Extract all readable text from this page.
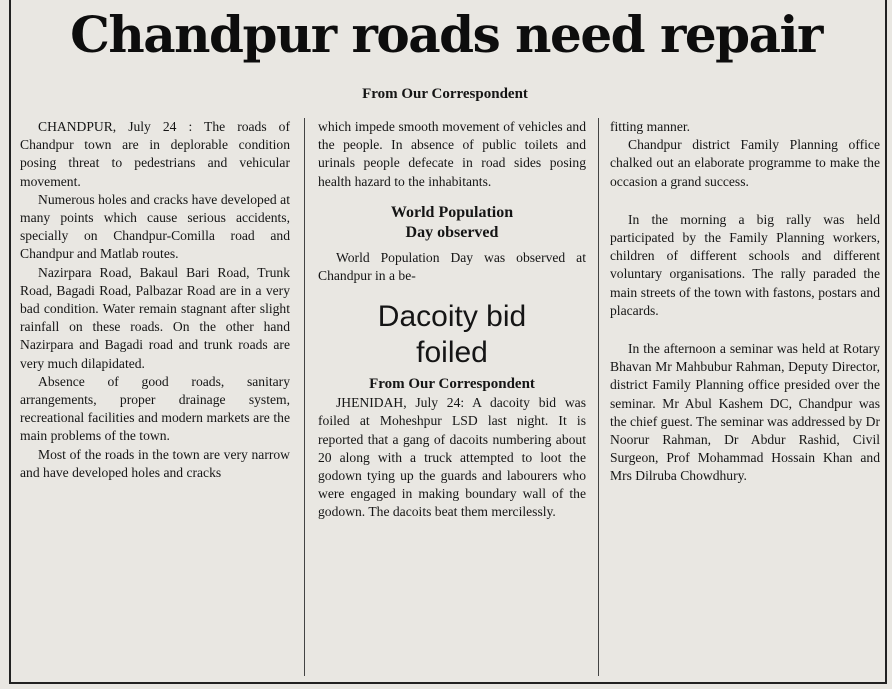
Chandpur roads need repair
From Our Correspondent

CHANDPUR, July 24 : The roads of Chandpur town are in deplorable condition posing threat to pedestrians and vehicular movement.

Numerous holes and cracks have developed at many points which cause serious accidents, specially on Chandpur-Comilla road and Chandpur and Matlab routes.

Nazirpara Road, Bakaul Bari Road, Trunk Road, Bagadi Road, Palbazar Road are in a very bad condition. Water remain stagnant after slight rainfall on these roads. On the other hand Nazirpara and Bagadi road and trunk roads are very much dilapidated.

Absence of good roads, sanitary arrangements, proper drainage system, recreational facilities and modern markets are the main problems of the town.

Most of the roads in the town are very narrow and have developed holes and cracks

which impede smooth movement of vehicles and the people. In absence of public toilets and urinals people defecate in road sides posing health hazard to the inhabitants.

World Population
Day observed

World Population Day was observed at Chandpur in a be-

Dacoity bid
foiled
From Our Correspondent

JHENIDAH, July 24: A dacoity bid was foiled at Moheshpur LSD last night. It is reported that a gang of dacoits numbering about 20 along with a truck attempted to loot the godown tying up the guards and labourers who were engaged in making boundary wall of the godown. The dacoits beat them mercilessly.

fitting manner.

Chandpur district Family Planning office chalked out an elaborate programme to make the occasion a grand success.

In the morning a big rally was held participated by the Family Planning workers, children of different schools and different voluntary organisations. The rally paraded the main streets of the town with fastons, postars and placards.

In the afternoon a seminar was held at Rotary Bhavan Mr Mahbubur Rahman, Deputy Director, district Family Planning office presided over the seminar. Mr Abul Kashem DC, Chandpur was the chief guest. The seminar was addressed by Dr Noorur Rahman, Dr Abdur Rashid, Civil Surgeon, Prof Mohammad Hossain Khan and Mrs Dilruba Chowdhury.
